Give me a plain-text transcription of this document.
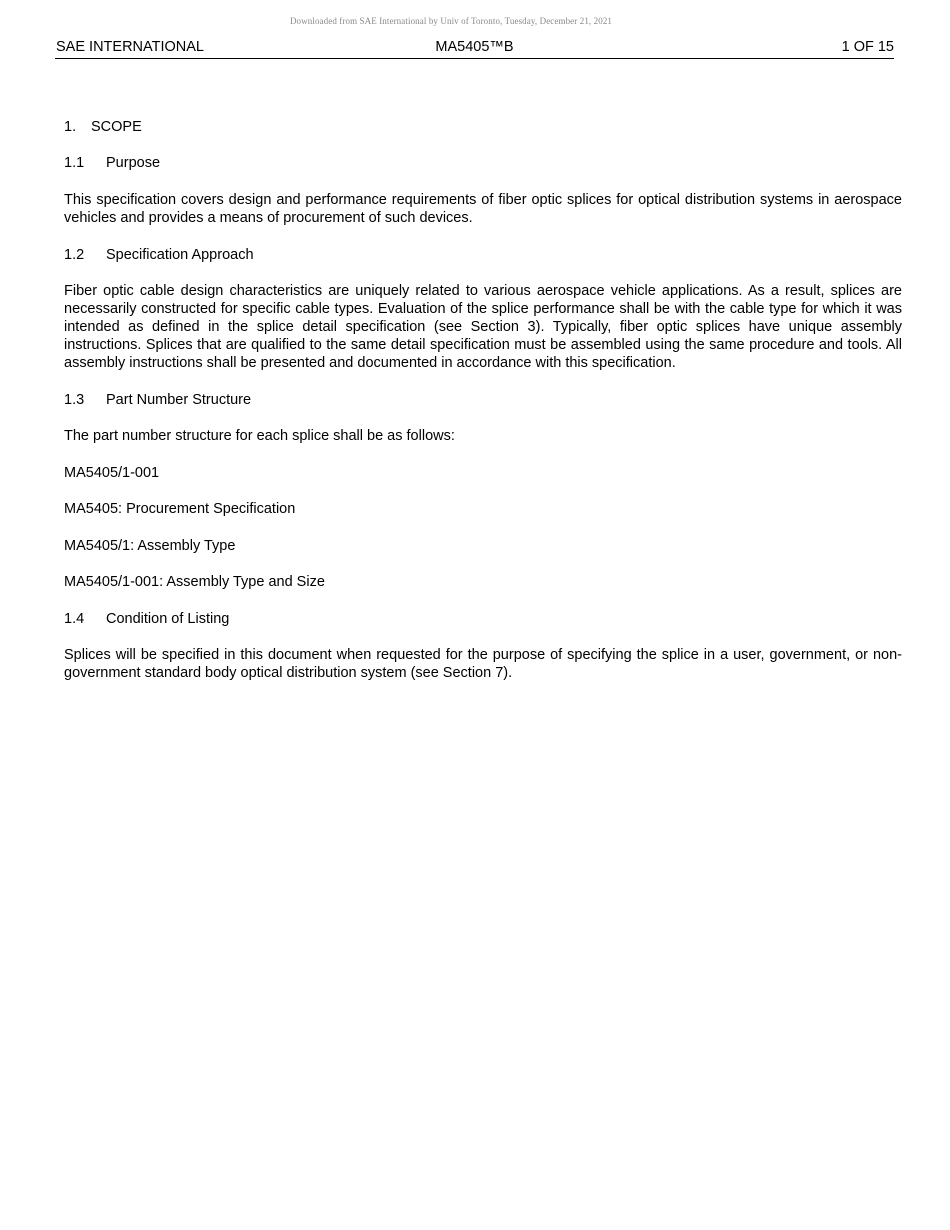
Downloaded from SAE International by Univ of Toronto, Tuesday, December 21, 2021
SAE INTERNATIONAL	MA5405™B	1 OF 15
1. SCOPE
1.1 Purpose

This specification covers design and performance requirements of fiber optic splices for optical distribution systems in aerospace vehicles and provides a means of procurement of such devices.

1.2 Specification Approach

Fiber optic cable design characteristics are uniquely related to various aerospace vehicle applications. As a result, splices are necessarily constructed for specific cable types. Evaluation of the splice performance shall be with the cable type for which it was intended as defined in the splice detail specification (see Section 3). Typically, fiber optic splices have unique assembly instructions. Splices that are qualified to the same detail specification must be assembled using the same procedure and tools. All assembly instructions shall be presented and documented in accordance with this specification.

1.3 Part Number Structure

The part number structure for each splice shall be as follows:

MA5405/1-001
MA5405: Procurement Specification
MA5405/1: Assembly Type
MA5405/1-001: Assembly Type and Size
1.4 Condition of Listing

Splices will be specified in this document when requested for the purpose of specifying the splice in a user, government, or non-government standard body optical distribution system (see Section 7).
